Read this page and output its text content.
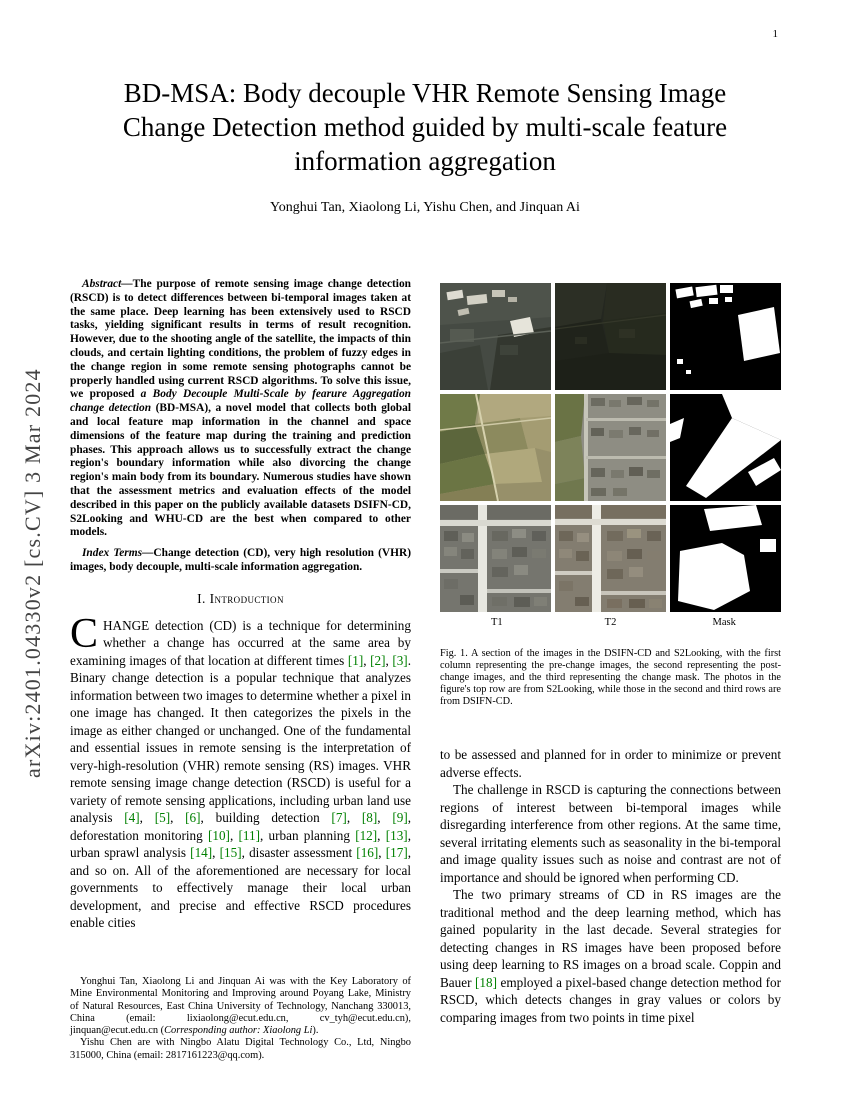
1
arXiv:2401.04330v2 [cs.CV] 3 Mar 2024
BD-MSA: Body decouple VHR Remote Sensing Image Change Detection method guided by multi-scale feature information aggregation
Yonghui Tan, Xiaolong Li, Yishu Chen, and Jinquan Ai

Abstract—The purpose of remote sensing image change detection (RSCD) is to detect differences between bi-temporal images taken at the same place. Deep learning has been extensively used to RSCD tasks, yielding significant results in terms of result recognition. However, due to the shooting angle of the satellite, the impacts of thin clouds, and certain lighting conditions, the problem of fuzzy edges in the change region in some remote sensing photographs cannot be properly handled using current RSCD algorithms. To solve this issue, we proposed a Body Decouple Multi-Scale by fearure Aggregation change detection (BD-MSA), a novel model that collects both global and local feature map information in the channel and space dimensions of the feature map during the training and prediction phases. This approach allows us to successfully extract the change region's boundary information while also divorcing the change region's main body from its boundary. Numerous studies have shown that the assessment metrics and evaluation effects of the model described in this paper on the publicly available datasets DSIFN-CD, S2Looking and WHU-CD are the best when compared to other models.

Index Terms—Change detection (CD), very high resolution (VHR) images, body decouple, multi-scale information aggregation.

I. Introduction

CHANGE detection (CD) is a technique for determining whether a change has occurred at the same area by examining images of that location at different times [1], [2], [3]. Binary change detection is a popular technique that analyzes information between two images to determine whether a pixel in one image has changed. It then categorizes the pixels in the image as either changed or unchanged. One of the fundamental and essential issues in remote sensing is the interpretation of very-high-resolution (VHR) remote sensing (RS) images. VHR remote sensing image change detection (RSCD) is useful for a variety of remote sensing applications, including urban land use analysis [4], [5], [6], building detection [7], [8], [9], deforestation monitoring [10], [11], urban planning [12], [13], urban sprawl analysis [14], [15], disaster assessment [16], [17], and so on. All of the aforementioned are necessary for local governments to effectively manage their local urban development, and precise and effective RSCD procedures enable cities

T1	T2	Mask
Fig. 1. A section of the images in the DSIFN-CD and S2Looking, with the first column representing the pre-change images, the second representing the post-change images, and the third representing the change mask. The photos in the figure's top row are from S2Looking, while those in the second and third rows are from DSIFN-CD.

to be assessed and planned for in order to minimize or prevent adverse effects.

The challenge in RSCD is capturing the connections between regions of interest between bi-temporal images while disregarding interference from other regions. At the same time, several irritating elements such as seasonality in the bi-temporal and image quality issues such as noise and contrast are not of importance and should be ignored when performing CD.

The two primary streams of CD in RS images are the traditional method and the deep learning method, which has gained popularity in the last decade. Several strategies for detecting changes in RS images have been proposed before using deep learning to RS images on a broad scale. Coppin and Bauer [18] employed a pixel-based change detection method for RSCD, which detects changes in gray values or colors by comparing images from two points in time pixel

Yonghui Tan, Xiaolong Li and Jinquan Ai was with the Key Laboratory of Mine Environmental Monitoring and Improving around Poyang Lake, Ministry of Natural Resources, East China University of Technology, Nanchang 330013, China (email: lixiaolong@ecut.edu.cn, cv_tyh@ecut.edu.cn), jinquan@ecut.edu.cn (Corresponding author: Xiaolong Li).

Yishu Chen are with Ningbo Alatu Digital Technology Co., Ltd, Ningbo 315000, China (email: 2817161223@qq.com).
